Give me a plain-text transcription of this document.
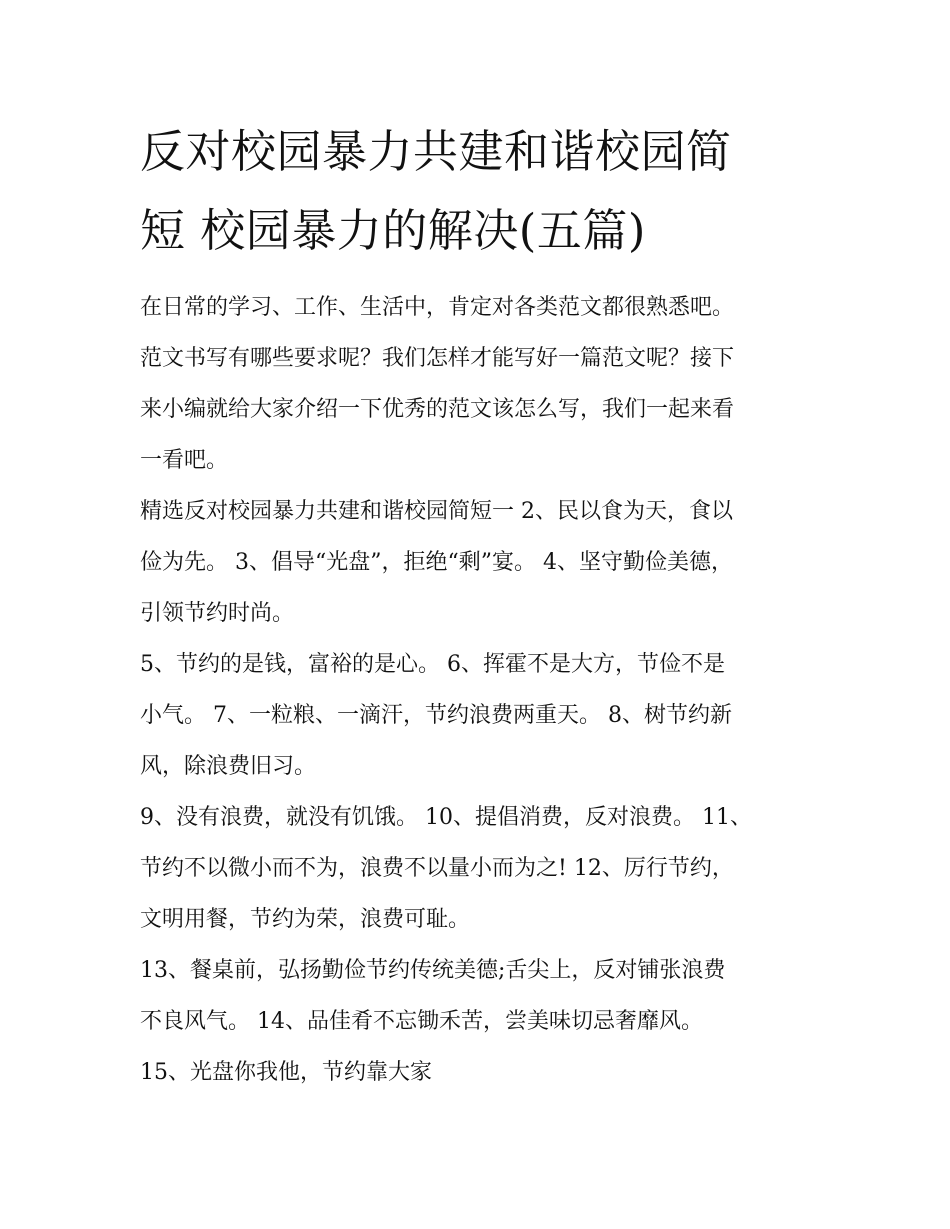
反对校园暴力共建和谐校园简
短 校园暴力的解决(五篇)
在日常的学习、工作、生活中，肯定对各类范文都很熟悉吧。
范文书写有哪些要求呢？我们怎样才能写好一篇范文呢？接下
来小编就给大家介绍一下优秀的范文该怎么写，我们一起来看
一看吧。
精选反对校园暴力共建和谐校园简短一 2、民以食为天，食以
俭为先。 3、倡导“光盘”，拒绝“剩”宴。 4、坚守勤俭美德，
引领节约时尚。
5、节约的是钱，富裕的是心。 6、挥霍不是大方，节俭不是
小气。 7、一粒粮、一滴汗，节约浪费两重天。 8、树节约新
风，除浪费旧习。
9、没有浪费，就没有饥饿。 10、提倡消费，反对浪费。 11、
节约不以微小而不为，浪费不以量小而为之! 12、厉行节约，
文明用餐，节约为荣，浪费可耻。
13、餐桌前，弘扬勤俭节约传统美德;舌尖上，反对铺张浪费
不良风气。 14、品佳肴不忘锄禾苦，尝美味切忌奢靡风。
15、光盘你我他，节约靠大家
